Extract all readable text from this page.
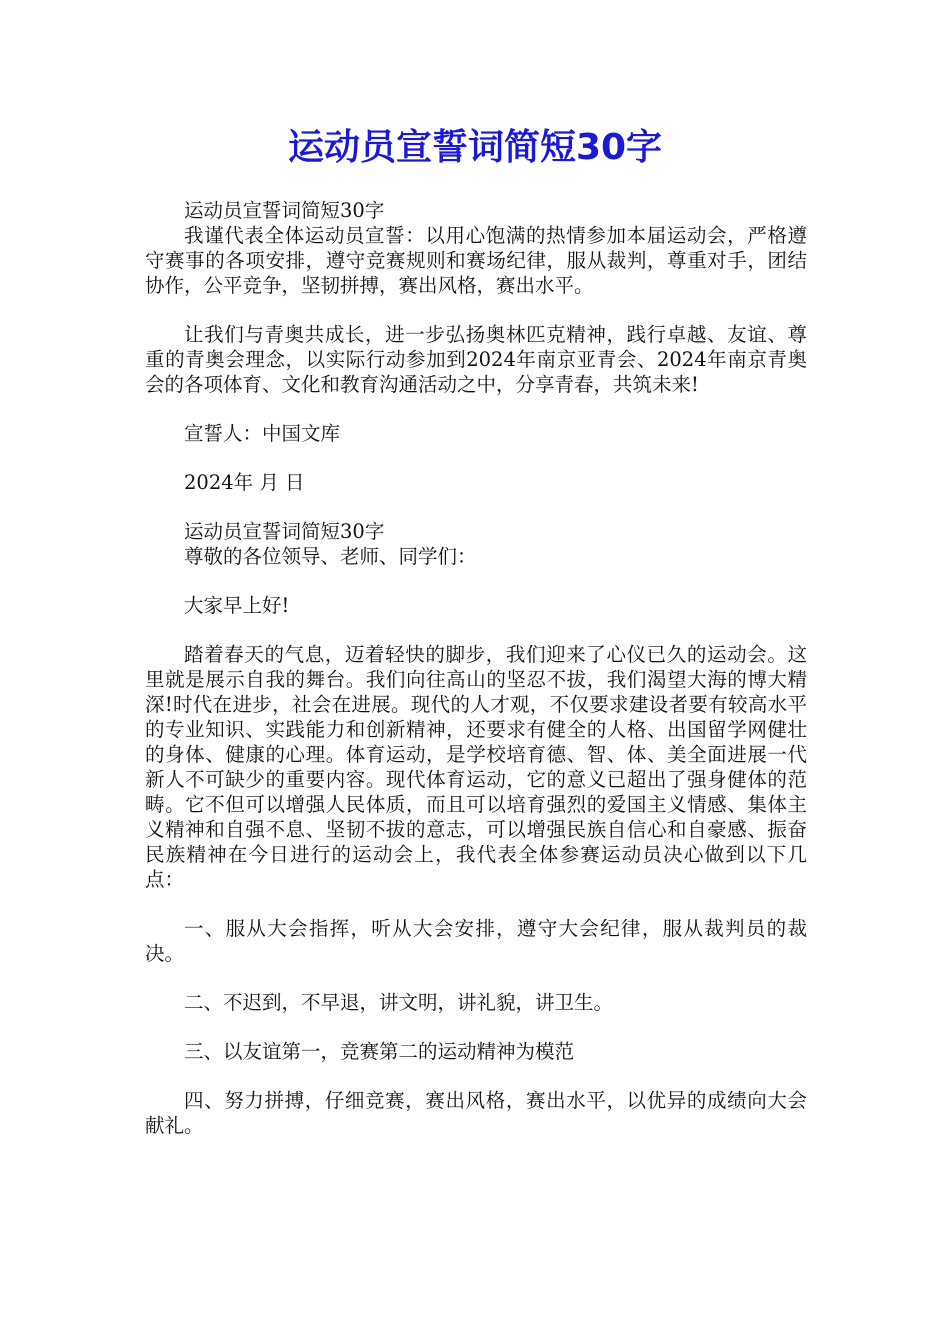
运动员宣誓词简短30字

运动员宣誓词简短30字

我谨代表全体运动员宣誓：以用心饱满的热情参加本届运动会，严格遵守赛事的各项安排，遵守竞赛规则和赛场纪律，服从裁判，尊重对手，团结协作，公平竞争，坚韧拼搏，赛出风格，赛出水平。

让我们与青奥共成长，进一步弘扬奥林匹克精神，践行卓越、友谊、尊重的青奥会理念，以实际行动参加到2024年南京亚青会、2024年南京青奥会的各项体育、文化和教育沟通活动之中，分享青春，共筑未来!

宣誓人：中国文库

2024年 月 日

运动员宣誓词简短30字

尊敬的各位领导、老师、同学们：

大家早上好!

踏着春天的气息，迈着轻快的脚步，我们迎来了心仪已久的运动会。这里就是展示自我的舞台。我们向往高山的坚忍不拔，我们渴望大海的博大精深!时代在进步，社会在进展。现代的人才观，不仅要求建设者要有较高水平的专业知识、实践能力和创新精神，还要求有健全的人格、出国留学网健壮的身体、健康的心理。体育运动，是学校培育德、智、体、美全面进展一代新人不可缺少的重要内容。现代体育运动，它的意义已超出了强身健体的范畴。它不但可以增强人民体质，而且可以培育强烈的爱国主义情感、集体主义精神和自强不息、坚韧不拔的意志，可以增强民族自信心和自豪感、振奋民族精神在今日进行的运动会上，我代表全体参赛运动员决心做到以下几点：

一、服从大会指挥，听从大会安排，遵守大会纪律，服从裁判员的裁决。

二、不迟到，不早退，讲文明，讲礼貌，讲卫生。

三、以友谊第一，竞赛第二的运动精神为模范

四、努力拼搏，仔细竞赛，赛出风格，赛出水平，以优异的成绩向大会献礼。
